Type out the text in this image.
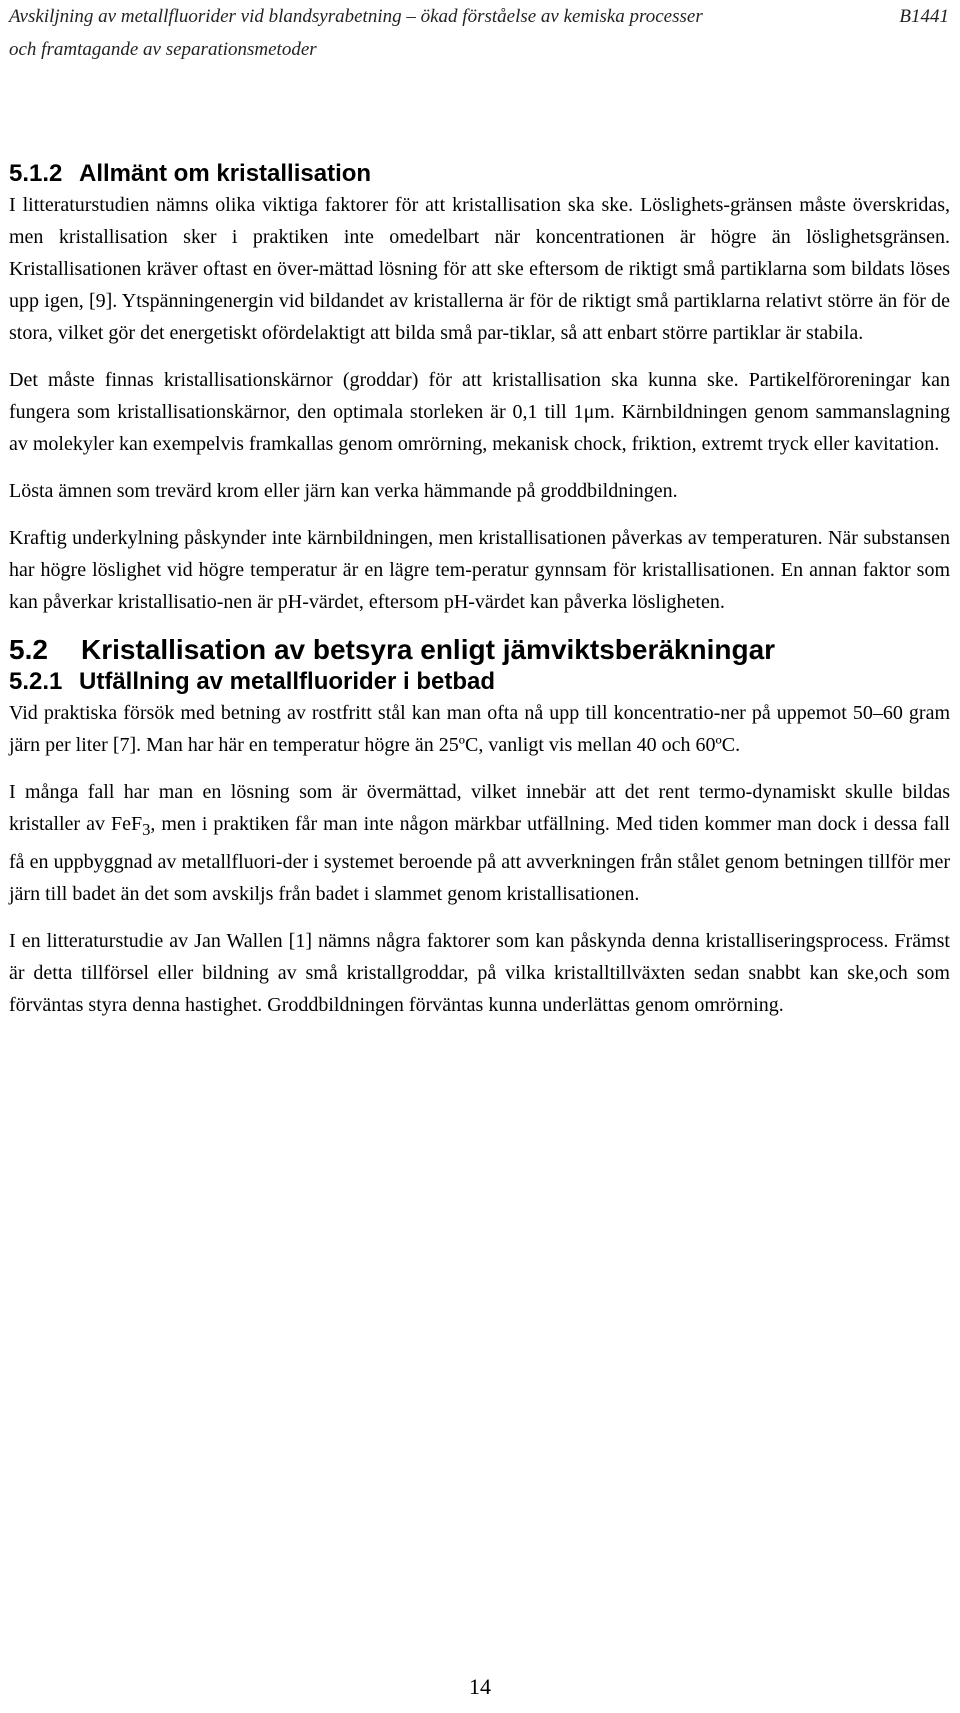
Avskiljning av metallfluorider vid blandsyrabetning – ökad förståelse av kemiska processer	B1441
och framtagande av separationsmetoder
5.1.2 Allmänt om kristallisation

I litteraturstudien nämns olika viktiga faktorer för att kristallisation ska ske. Löslighets-gränsen måste överskridas, men kristallisation sker i praktiken inte omedelbart när koncentrationen är högre än löslighetsgränsen. Kristallisationen kräver oftast en över-mättad lösning för att ske eftersom de riktigt små partiklarna som bildats löses upp igen, [9]. Ytspänningenergin vid bildandet av kristallerna är för de riktigt små partiklarna relativt större än för de stora, vilket gör det energetiskt ofördelaktigt att bilda små par-tiklar, så att enbart större partiklar är stabila.

Det måste finnas kristallisationskärnor (groddar) för att kristallisation ska kunna ske. Partikelföroreningar kan fungera som kristallisationskärnor, den optimala storleken är 0,1 till 1μm. Kärnbildningen genom sammanslagning av molekyler kan exempelvis framkallas genom omrörning, mekanisk chock, friktion, extremt tryck eller kavitation.

Lösta ämnen som trevärd krom eller järn kan verka hämmande på groddbildningen.

Kraftig underkylning påskynder inte kärnbildningen, men kristallisationen påverkas av temperaturen. När substansen har högre löslighet vid högre temperatur är en lägre tem-peratur gynnsam för kristallisationen. En annan faktor som kan påverkar kristallisatio-nen är pH-värdet, eftersom pH-värdet kan påverka lösligheten.

5.2 Kristallisation av betsyra enligt jämviktsberäkningar
5.2.1 Utfällning av metallfluorider i betbad

Vid praktiska försök med betning av rostfritt stål kan man ofta nå upp till koncentratio-ner på uppemot 50–60 gram järn per liter [7]. Man har här en temperatur högre än 25ºC, vanligt vis mellan 40 och 60ºC.

I många fall har man en lösning som är övermättad, vilket innebär att det rent termo-dynamiskt skulle bildas kristaller av FeF$_3$, men i praktiken får man inte någon märkbar utfällning. Med tiden kommer man dock i dessa fall få en uppbyggnad av metallfluori-der i systemet beroende på att avverkningen från stålet genom betningen tillför mer järn till badet än det som avskiljs från badet i slammet genom kristallisationen.

I en litteraturstudie av Jan Wallen [1] nämns några faktorer som kan påskynda denna kristalliseringsprocess. Främst är detta tillförsel eller bildning av små kristallgroddar, på vilka kristalltillväxten sedan snabbt kan ske,och som förväntas styra denna hastighet. Groddbildningen förväntas kunna underlättas genom omrörning.

14
